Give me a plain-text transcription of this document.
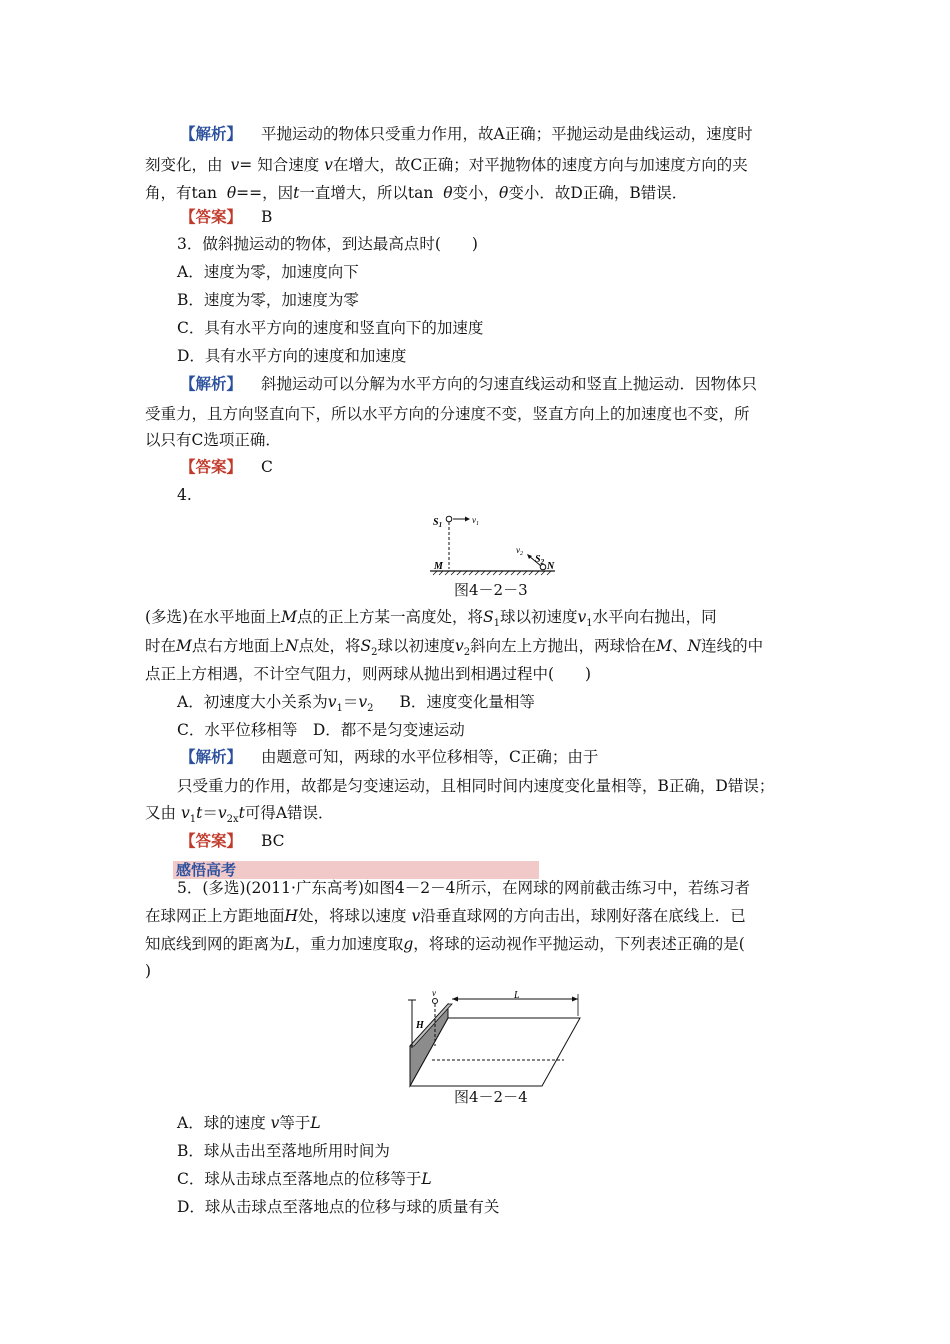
【解析】 平抛运动的物体只受重力作用，故A正确；平抛运动是曲线运动，速度时
刻变化，由 v= 知合速度 v在增大，故C正确；对平抛物体的速度方向与加速度方向的夹
角，有tan θ==，因t一直增大，所以tan θ变小，θ变小．故D正确，B错误．
【答案】 B
3．做斜抛运动的物体，到达最高点时(　　)
A．速度为零，加速度向下
B．速度为零，加速度为零
C．具有水平方向的速度和竖直向下的加速度
D．具有水平方向的速度和加速度
【解析】 斜抛运动可以分解为水平方向的匀速直线运动和竖直上抛运动．因物体只
受重力，且方向竖直向下，所以水平方向的分速度不变，竖直方向上的加速度也不变，所
以只有C选项正确．
【答案】 C
4.
$S_1$	$v_1$
$v_2$ $S_2$ N
M
图4－2－3
(多选)在水平地面上M点的正上方某一高度处，将$S_1$球以初速度$v_1$水平向右抛出，同
时在M点右方地面上N点处，将$S_2$球以初速度$v_2$斜向左上方抛出，两球恰在M、N连线的中
点正上方相遇，不计空气阻力，则两球从抛出到相遇过程中(　　)
A．初速度大小关系为$v_1=v_2$ B．速度变化量相等
C．水平位移相等　D．都不是匀变速运动
【解析】 由题意可知，两球的水平位移相等，C正确；由于
只受重力的作用，故都是匀变速运动，且相同时间内速度变化量相等，B正确，D错误；
又由 $v_1t=v_{2x}t$可得A错误．
【答案】 BC
感悟高考
5．(多选)(2011·广东高考)如图4－2－4所示，在网球的网前截击练习中，若练习者
在球网正上方距地面H处，将球以速度 v沿垂直球网的方向击出，球刚好落在底线上．已
知底线到网的距离为L，重力加速度取g，将球的运动视作平抛运动，下列表述正确的是(
)
v
H
L
图4－2－4
A．球的速度 v等于L
B．球从击出至落地所用时间为
C．球从击球点至落地点的位移等于L
D．球从击球点至落地点的位移与球的质量有关
